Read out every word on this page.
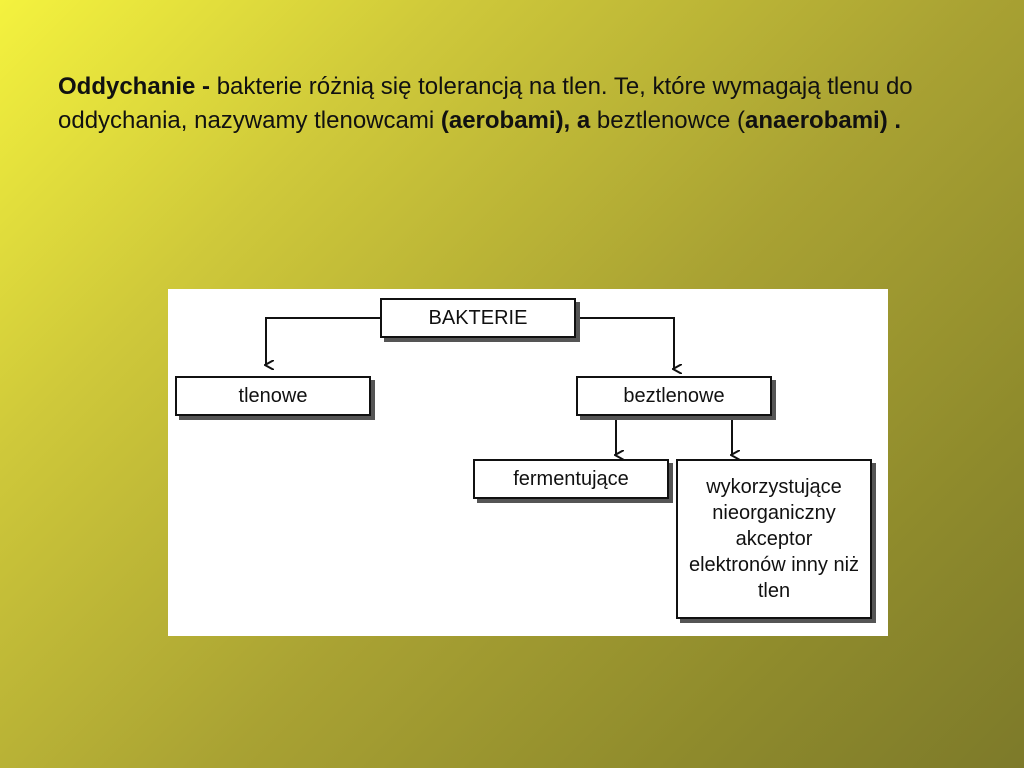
Oddychanie - bakterie różnią się tolerancją na tlen. Te, które wymagają tlenu do oddychania, nazywamy tlenowcami (aerobami), a beztlenowce (anaerobami) .
BAKTERIE
tlenowe	beztlenowe
fermentujące	wykorzystujące nieorganiczny akceptor elektronów inny niż tlen
